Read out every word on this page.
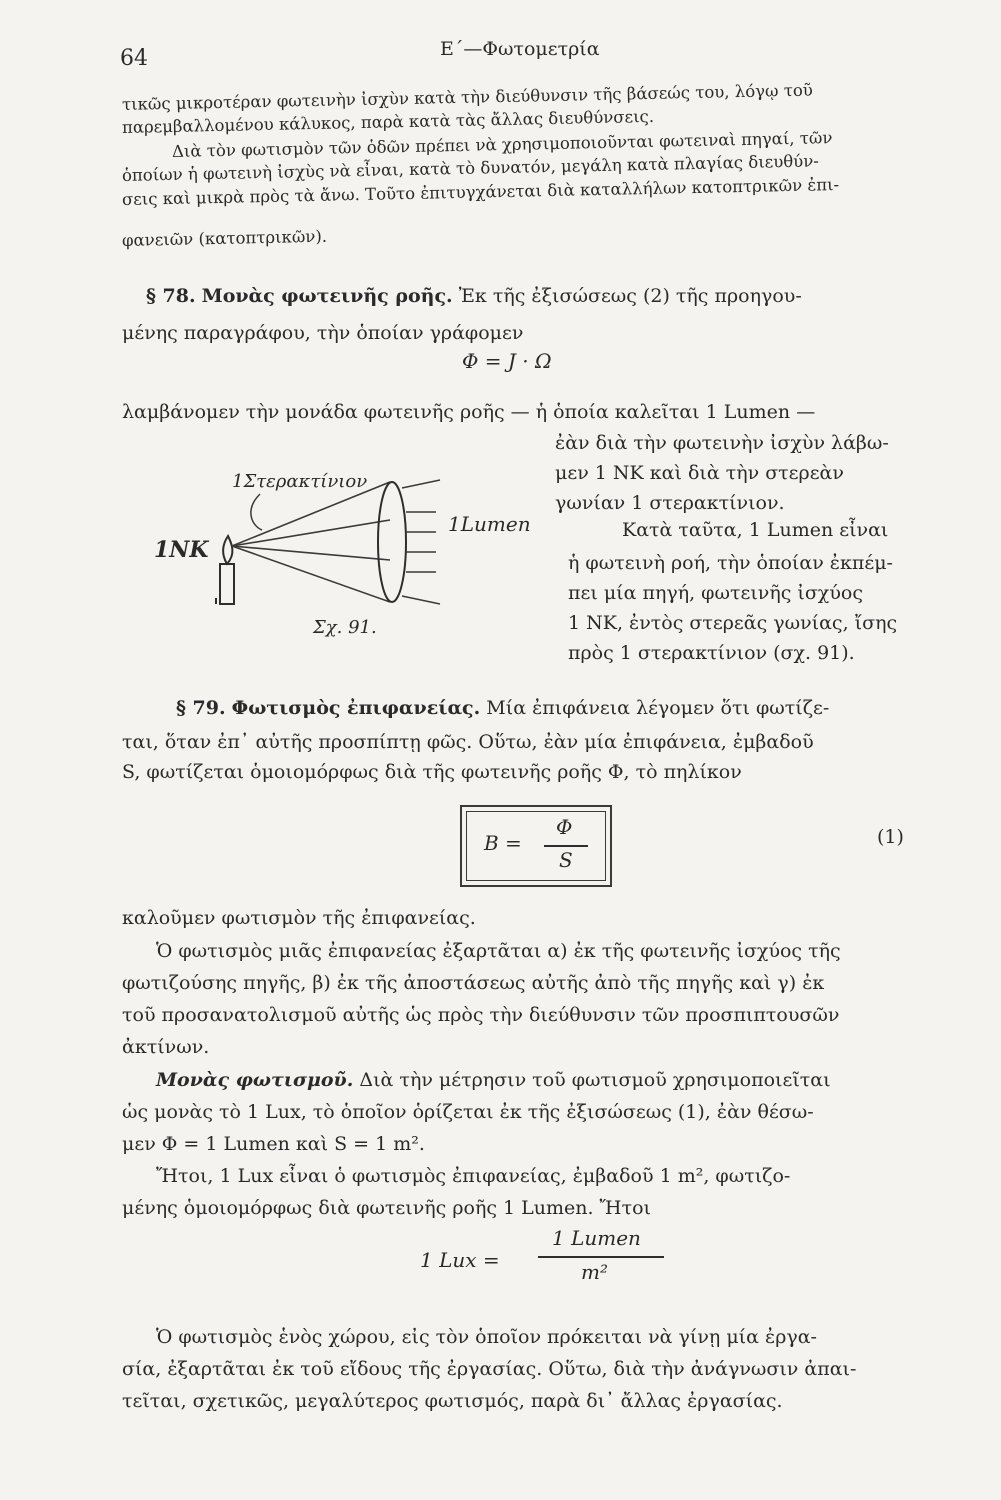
64	Ε΄—Φωτομετρία
τικῶς μικροτέραν φωτεινὴν ἰσχὺν κατὰ τὴν διεύθυνσιν τῆς βάσεώς του, λόγῳ τοῦ
παρεμβαλλομένου κάλυκος, παρὰ κατὰ τὰς ἄλλας διευθύνσεις.
Διὰ τὸν φωτισμὸν τῶν ὁδῶν πρέπει νὰ χρησιμοποιοῦνται φωτειναὶ πηγαί, τῶν
ὁποίων ἡ φωτεινὴ ἰσχὺς νὰ εἶναι, κατὰ τὸ δυνατόν, μεγάλη κατὰ πλαγίας διευθύν-
σεις καὶ μικρὰ πρὸς τὰ ἄνω. Τοῦτο ἐπιτυγχάνεται διὰ καταλλήλων κατοπτρικῶν ἐπι-
φανειῶν (κατοπτρικῶν).
§ 78. Μονὰς φωτεινῆς ροῆς. Ἐκ τῆς ἐξισώσεως (2) τῆς προηγου-
μένης παραγράφου, τὴν ὁποίαν γράφομεν
Φ = J · Ω
λαμβάνομεν τὴν μονάδα φωτεινῆς ροῆς — ἡ ὁποία καλεῖται 1 Lumen —
ἐὰν διὰ τὴν φωτεινὴν ἰσχὺν λάβω-
μεν 1 NK καὶ διὰ τὴν στερεὰν
γωνίαν 1 στερακτίνιον.
Κατὰ ταῦτα, 1 Lumen εἶναι
ἡ φωτεινὴ ροή, τὴν ὁποίαν ἐκπέμ-
πει μία πηγή, φωτεινῆς ἰσχύος
1 NK, ἐντὸς στερεᾶς γωνίας, ἴσης
πρὸς 1 στερακτίνιον (σχ. 91).
1Στερακτίνιον
1NK
1Lumen
Σχ. 91.
§ 79. Φωτισμὸς ἐπιφανείας. Μία ἐπιφάνεια λέγομεν ὅτι φωτίζε-
ται, ὅταν ἐπ᾽ αὐτῆς προσπίπτῃ φῶς. Οὕτω, ἐὰν μία ἐπιφάνεια, ἐμβαδοῦ
S, φωτίζεται ὁμοιομόρφως διὰ τῆς φωτεινῆς ροῆς Φ, τὸ πηλίκον
B =
Φ
S
(1)
καλοῦμεν φωτισμὸν τῆς ἐπιφανείας.
Ὁ φωτισμὸς μιᾶς ἐπιφανείας ἐξαρτᾶται α) ἐκ τῆς φωτεινῆς ἰσχύος τῆς
φωτιζούσης πηγῆς, β) ἐκ τῆς ἀποστάσεως αὐτῆς ἀπὸ τῆς πηγῆς καὶ γ) ἐκ
τοῦ προσανατολισμοῦ αὐτῆς ὡς πρὸς τὴν διεύθυνσιν τῶν προσπιπτουσῶν
ἀκτίνων.
Μονὰς φωτισμοῦ. Διὰ τὴν μέτρησιν τοῦ φωτισμοῦ χρησιμοποιεῖται
ὡς μονὰς τὸ 1 Lux, τὸ ὁποῖον ὁρίζεται ἐκ τῆς ἐξισώσεως (1), ἐὰν θέσω-
μεν Φ = 1 Lumen καὶ S = 1 m².
Ἤτοι, 1 Lux εἶναι ὁ φωτισμὸς ἐπιφανείας, ἐμβαδοῦ 1 m², φωτιζο-
μένης ὁμοιομόρφως διὰ φωτεινῆς ροῆς 1 Lumen. Ἤτοι
1 Lux =
1 Lumen
m²
Ὁ φωτισμὸς ἑνὸς χώρου, εἰς τὸν ὁποῖον πρόκειται νὰ γίνῃ μία ἐργα-
σία, ἐξαρτᾶται ἐκ τοῦ εἴδους τῆς ἐργασίας. Οὕτω, διὰ τὴν ἀνάγνωσιν ἀπαι-
τεῖται, σχετικῶς, μεγαλύτερος φωτισμός, παρὰ δι᾽ ἄλλας ἐργασίας.
